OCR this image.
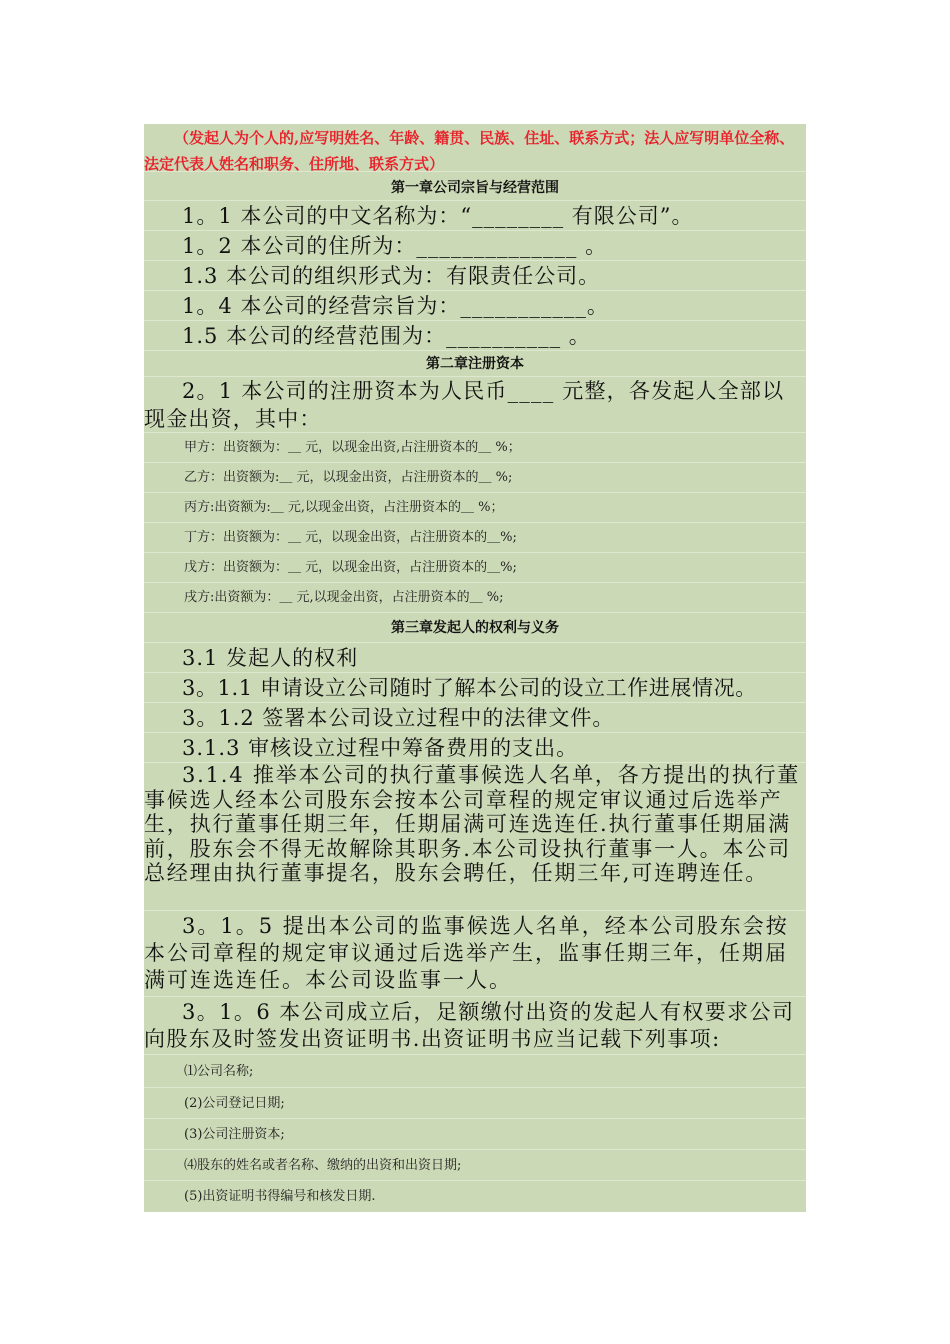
（发起人为个人的,应写明姓名、年龄、籍贯、民族、住址、联系方式；法人应写明单位全称、法定代表人姓名和职务、住所地、联系方式）
第一章公司宗旨与经营范围
1。1 本公司的中文名称为：“________ 有限公司”。
1。2 本公司的住所为：______________ 。
1.3 本公司的组织形式为：有限责任公司。
1。4 本公司的经营宗旨为：___________。
1.5 本公司的经营范围为：__________ 。
第二章注册资本
2。1 本公司的注册资本为人民币____ 元整，各发起人全部以现金出资，其中：
甲方：出资额为：＿ 元，以现金出资,占注册资本的＿ %；
乙方：出资额为:＿ 元，以现金出资，占注册资本的＿ %;
丙方:出资额为:＿ 元,以现金出资，占注册资本的＿ %；
丁方：出资额为：＿ 元，以现金出资，占注册资本的＿%;
戊方：出资额为：＿ 元，以现金出资，占注册资本的＿%;
戌方:出资额为：＿ 元,以现金出资，占注册资本的＿ %;
第三章发起人的权利与义务
3.1 发起人的权利
3。1.1 申请设立公司随时了解本公司的设立工作进展情况。
3。1.2 签署本公司设立过程中的法律文件。
3.1.3 审核设立过程中筹备费用的支出。
3.1.4 推举本公司的执行董事候选人名单，各方提出的执行董事候选人经本公司股东会按本公司章程的规定审议通过后选举产生，执行董事任期三年，任期届满可连选连任.执行董事任期届满前，股东会不得无故解除其职务.本公司设执行董事一人。本公司总经理由执行董事提名，股东会聘任，任期三年,可连聘连任。
3。1。5 提出本公司的监事候选人名单，经本公司股东会按本公司章程的规定审议通过后选举产生，监事任期三年，任期届满可连选连任。本公司设监事一人。
3。1。6 本公司成立后，足额缴付出资的发起人有权要求公司向股东及时签发出资证明书.出资证明书应当记载下列事项:
⑴公司名称;
(2)公司登记日期;
(3)公司注册资本;
⑷股东的姓名或者名称、缴纳的出资和出资日期;
(5)出资证明书得编号和核发日期.
